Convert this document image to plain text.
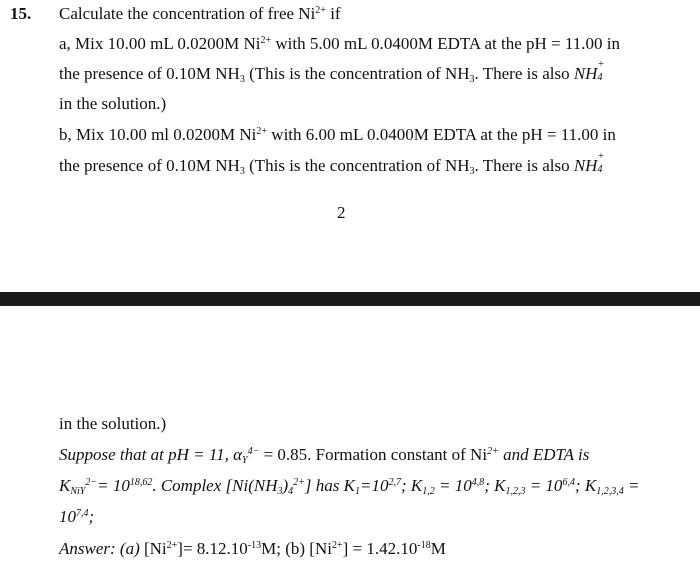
15. Calculate the concentration of free $Ni^{2+}$ if
a, Mix 10.00 mL 0.0200M $Ni^{2+}$ with 5.00 mL 0.0400M EDTA at the pH = 11.00 in
the presence of 0.10M $NH_3$ (This is the concentration of $NH_3$. There is also NH +
4
in the solution.)
b, Mix 10.00 ml 0.0200M $Ni^{2+}$ with 6.00 mL 0.0400M EDTA at the pH = 11.00 in
the presence of 0.10M $NH_3$ (This is the concentration of $NH_3$. There is also NH +
4
2
in the solution.)
Suppose that at pH = 11, $\alpha_Y^{4-} = 0.85$. Formation constant of $Ni^{2+}$ and EDTA is
$K_{NiY}^{2-}= 10^{18,62}$. Complex $[Ni(NH_3)_4^{2+}]$ has $K_1=10^{2,7}$; $K_{1,2} = 10^{4,8}$; $K_{1,2,3} = 10^{6,4}$; $K_{1,2,3,4}$ =
$10^{7,4}$;
Answer: (a) $[Ni^{2+}]= 8.12.10^{-13}M$; (b) $[Ni^{2+}] = 1.42.10^{-18}M$
